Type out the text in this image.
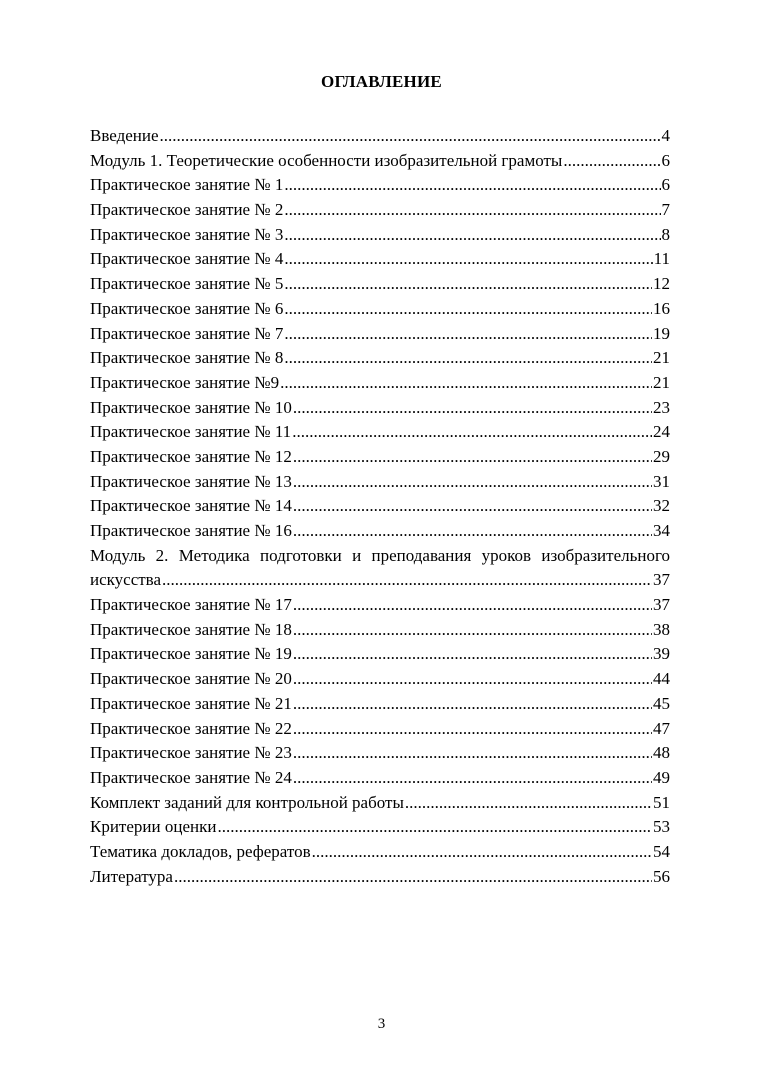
ОГЛАВЛЕНИЕ
Введение .....	4
Модуль 1. Теоретические особенности изобразительной грамоты .....	6
Практическое занятие № 1 .....	6
Практическое занятие № 2 .....	7
Практическое занятие № 3 .....	8
Практическое занятие № 4 .....	11
Практическое занятие № 5 .....	12
Практическое занятие № 6 .....	16
Практическое занятие № 7 .....	19
Практическое занятие № 8 .....	21
Практическое занятие №9 .....	21
Практическое занятие № 10 .....	23
Практическое занятие № 11 .....	24
Практическое занятие № 12 .....	29
Практическое занятие № 13 .....	31
Практическое занятие № 14 .....	32
Практическое занятие № 16 .....	34
Модуль 2. Методика подготовки и преподавания уроков изобразительного
искусства .....	37
Практическое занятие № 17 .....	37
Практическое занятие № 18 .....	38
Практическое занятие № 19 .....	39
Практическое занятие № 20 .....	44
Практическое занятие № 21 .....	45
Практическое занятие № 22 .....	47
Практическое занятие № 23 .....	48
Практическое занятие № 24 .....	49
Комплект заданий для контрольной работы .....	51
Критерии оценки .....	53
Тематика докладов, рефератов .....	54
Литература .....	56
3
